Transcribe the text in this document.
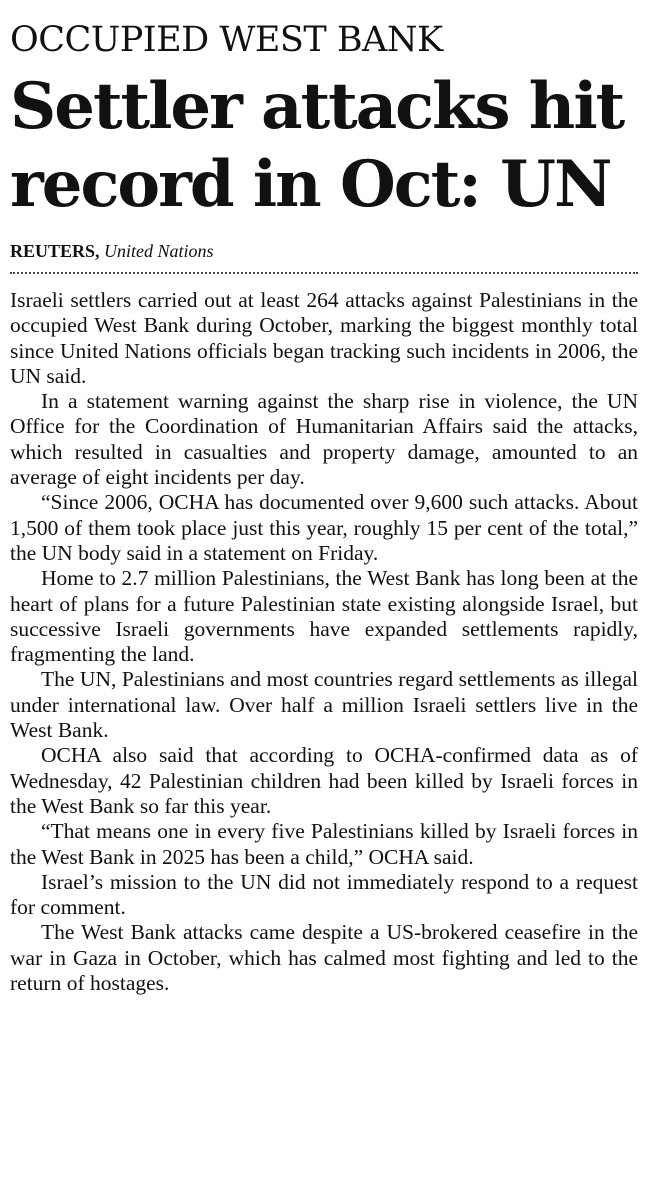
OCCUPIED WEST BANK
Settler attacks hit
record in Oct: UN
REUTERS, United Nations

Israeli settlers carried out at least 264 attacks against Palestinians in the occupied West Bank during October, marking the biggest monthly total since United Nations officials began tracking such incidents in 2006, the UN said.

In a statement warning against the sharp rise in violence, the UN Office for the Coordination of Humanitarian Affairs said the attacks, which resulted in casualties and property damage, amounted to an average of eight incidents per day.

“Since 2006, OCHA has documented over 9,600 such attacks. About 1,500 of them took place just this year, roughly 15 per cent of the total,” the UN body said in a statement on Friday.

Home to 2.7 million Palestinians, the West Bank has long been at the heart of plans for a future Palestinian state existing alongside Israel, but successive Israeli governments have expanded settlements rapidly, fragmenting the land.

The UN, Palestinians and most countries regard settlements as illegal under international law. Over half a million Israeli settlers live in the West Bank.

OCHA also said that according to OCHA-confirmed data as of Wednesday, 42 Palestinian children had been killed by Israeli forces in the West Bank so far this year.

“That means one in every five Palestinians killed by Israeli forces in the West Bank in 2025 has been a child,” OCHA said.

Israel’s mission to the UN did not immediately respond to a request for comment.

The West Bank attacks came despite a US-brokered ceasefire in the war in Gaza in October, which has calmed most fighting and led to the return of hostages.
